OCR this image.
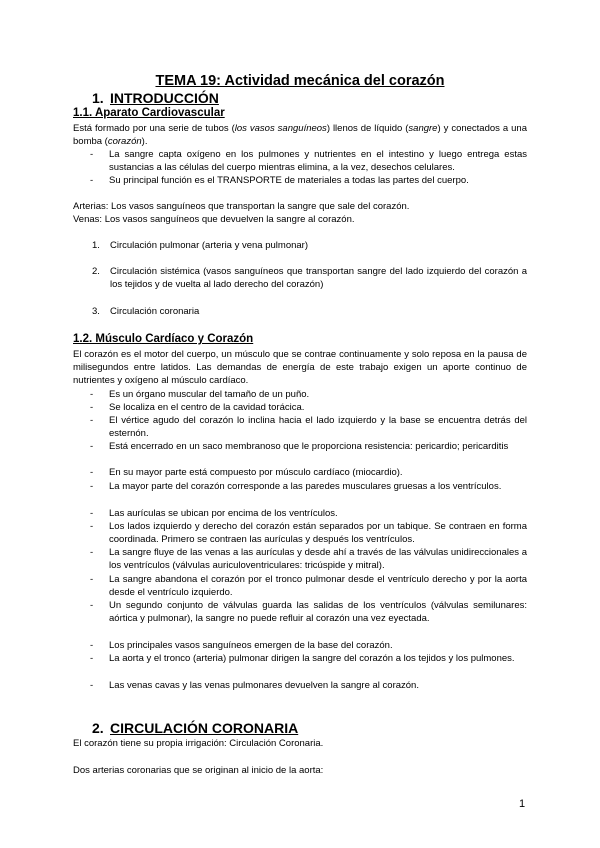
TEMA 19: Actividad mecánica del corazón
1. INTRODUCCIÓN
1.1. Aparato Cardiovascular

Está formado por una serie de tubos (los vasos sanguíneos) llenos de líquido (sangre) y conectados a una bomba (corazón).

- La sangre capta oxígeno en los pulmones y nutrientes en el intestino y luego entrega estas sustancias a las células del cuerpo mientras elimina, a la vez, desechos celulares.
- Su principal función es el TRANSPORTE de materiales a todas las partes del cuerpo.

Arterias: Los vasos sanguíneos que transportan la sangre que sale del corazón.

Venas: Los vasos sanguíneos que devuelven la sangre al corazón.

1. Circulación pulmonar (arteria y vena pulmonar)
2. Circulación sistémica (vasos sanguíneos que transportan sangre del lado izquierdo del corazón a los tejidos y de vuelta al lado derecho del corazón)
3. Circulación coronaria
1.2. Músculo Cardíaco y Corazón

El corazón es el motor del cuerpo, un músculo que se contrae continuamente y solo reposa en la pausa de milisegundos entre latidos. Las demandas de energía de este trabajo exigen un aporte continuo de nutrientes y oxígeno al músculo cardíaco.

- Es un órgano muscular del tamaño de un puño.
- Se localiza en el centro de la cavidad torácica.
- El vértice agudo del corazón lo inclina hacia el lado izquierdo y la base se encuentra detrás del esternón.
- Está encerrado en un saco membranoso que le proporciona resistencia: pericardio; pericarditis
- En su mayor parte está compuesto por músculo cardíaco (miocardio).
- La mayor parte del corazón corresponde a las paredes musculares gruesas a los ventrículos.
- Las aurículas se ubican por encima de los ventrículos.
- Los lados izquierdo y derecho del corazón están separados por un tabique. Se contraen en forma coordinada. Primero se contraen las aurículas y después los ventrículos.
- La sangre fluye de las venas a las aurículas y desde ahí a través de las válvulas unidireccionales a los ventrículos (válvulas auriculoventriculares: tricúspide y mitral).
- La sangre abandona el corazón por el tronco pulmonar desde el ventrículo derecho y por la aorta desde el ventrículo izquierdo.
- Un segundo conjunto de válvulas guarda las salidas de los ventrículos (válvulas semilunares: aórtica y pulmonar), la sangre no puede refluir al corazón una vez eyectada.
- Los principales vasos sanguíneos emergen de la base del corazón.
- La aorta y el tronco (arteria) pulmonar dirigen la sangre del corazón a los tejidos y los pulmones.
- Las venas cavas y las venas pulmonares devuelven la sangre al corazón.
2. CIRCULACIÓN CORONARIA

El corazón tiene su propia irrigación: Circulación Coronaria.

Dos arterias coronarias que se originan al inicio de la aorta:

1
